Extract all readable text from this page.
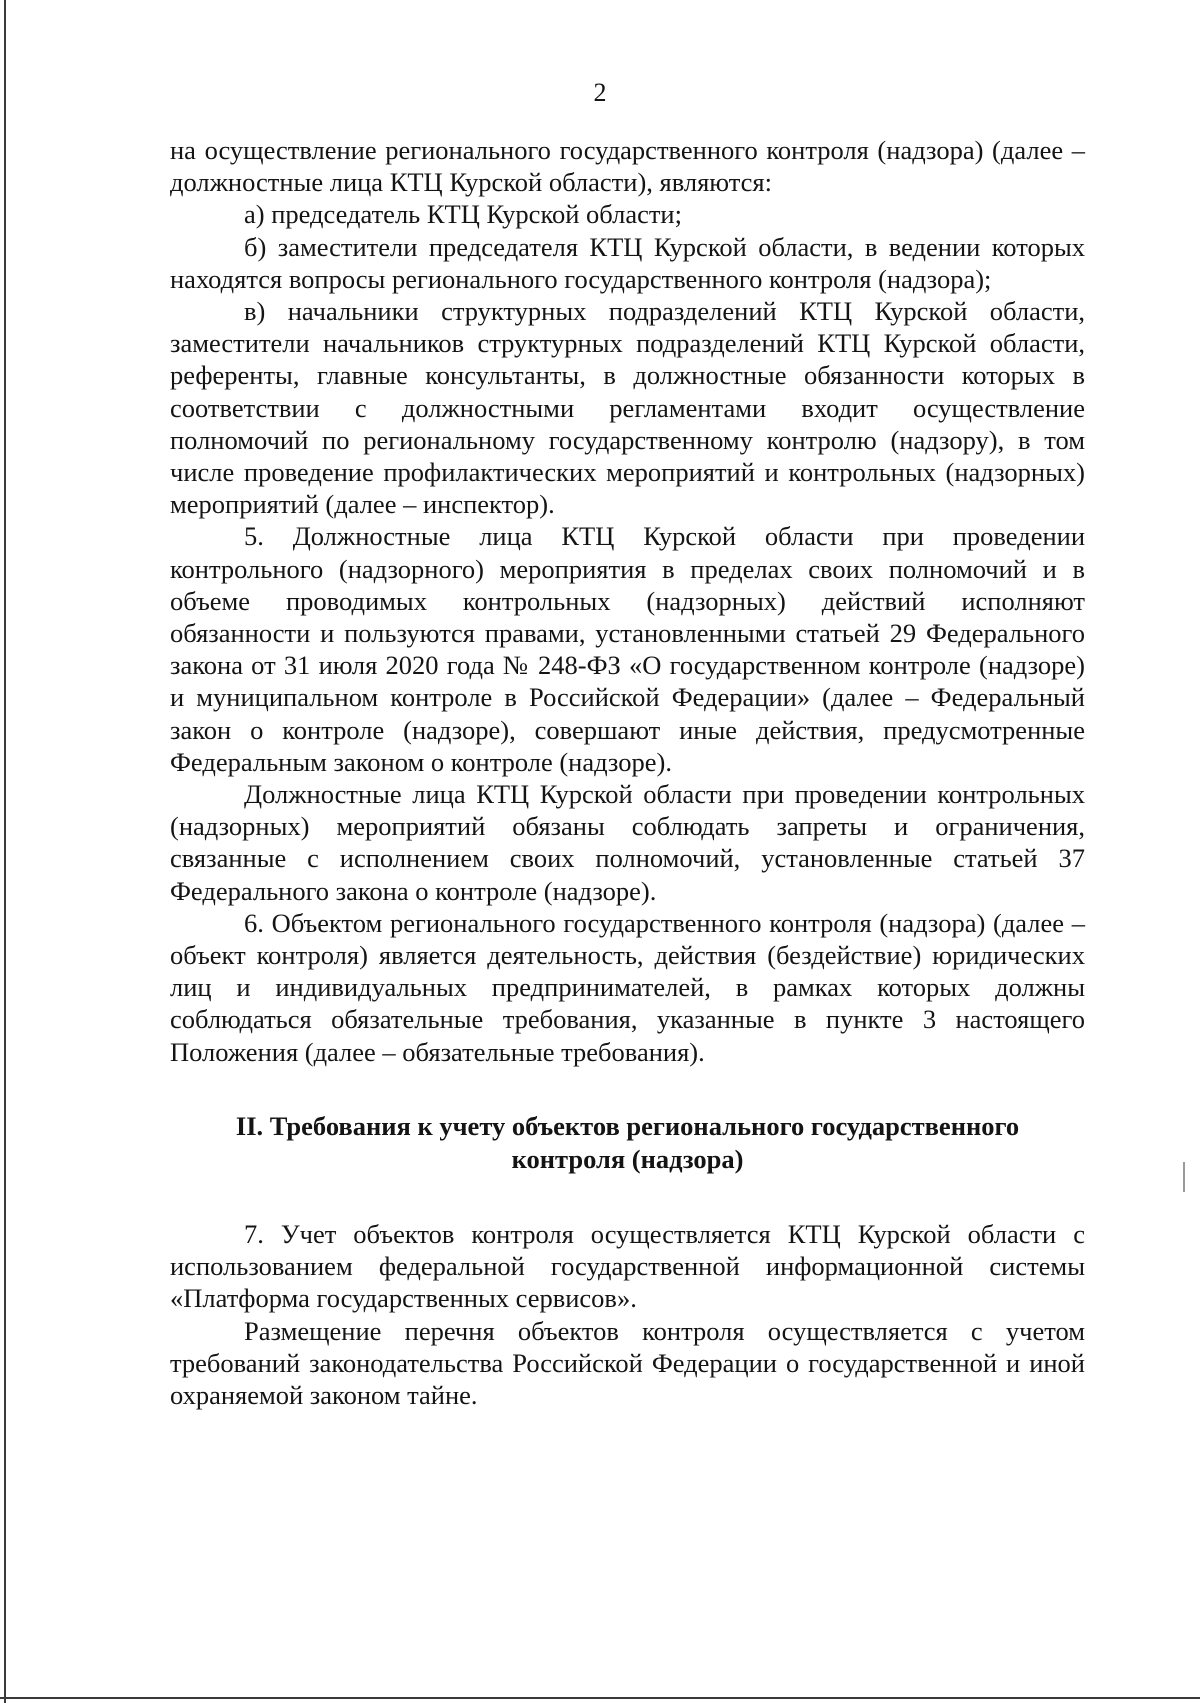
2

на осуществление регионального государственного контроля (надзора) (далее – должностные лица КТЦ Курской области), являются:

а) председатель КТЦ Курской области;

б) заместители председателя КТЦ Курской области, в ведении которых находятся вопросы регионального государственного контроля (надзора);

в) начальники структурных подразделений КТЦ Курской области, заместители начальников структурных подразделений КТЦ Курской области, референты, главные консультанты, в должностные обязанности которых в соответствии с должностными регламентами входит осуществление полномочий по региональному государственному контролю (надзору), в том числе проведение профилактических мероприятий и контрольных (надзорных) мероприятий (далее – инспектор).

5. Должностные лица КТЦ Курской области при проведении контрольного (надзорного) мероприятия в пределах своих полномочий и в объеме проводимых контрольных (надзорных) действий исполняют обязанности и пользуются правами, установленными статьей 29 Федерального закона от 31 июля 2020 года № 248-ФЗ «О государственном контроле (надзоре) и муниципальном контроле в Российской Федерации» (далее – Федеральный закон о контроле (надзоре), совершают иные действия, предусмотренные Федеральным законом о контроле (надзоре).

Должностные лица КТЦ Курской области при проведении контрольных (надзорных) мероприятий обязаны соблюдать запреты и ограничения, связанные с исполнением своих полномочий, установленные статьей 37 Федерального закона о контроле (надзоре).

6. Объектом регионального государственного контроля (надзора) (далее – объект контроля) является деятельность, действия (бездействие) юридических лиц и индивидуальных предпринимателей, в рамках которых должны соблюдаться обязательные требования, указанные в пункте 3 настоящего Положения (далее – обязательные требования).

II. Требования к учету объектов регионального государственного
контроля (надзора)

7. Учет объектов контроля осуществляется КТЦ Курской области с использованием федеральной государственной информационной системы «Платформа государственных сервисов».

Размещение перечня объектов контроля осуществляется с учетом требований законодательства Российской Федерации о государственной и иной охраняемой законом тайне.
